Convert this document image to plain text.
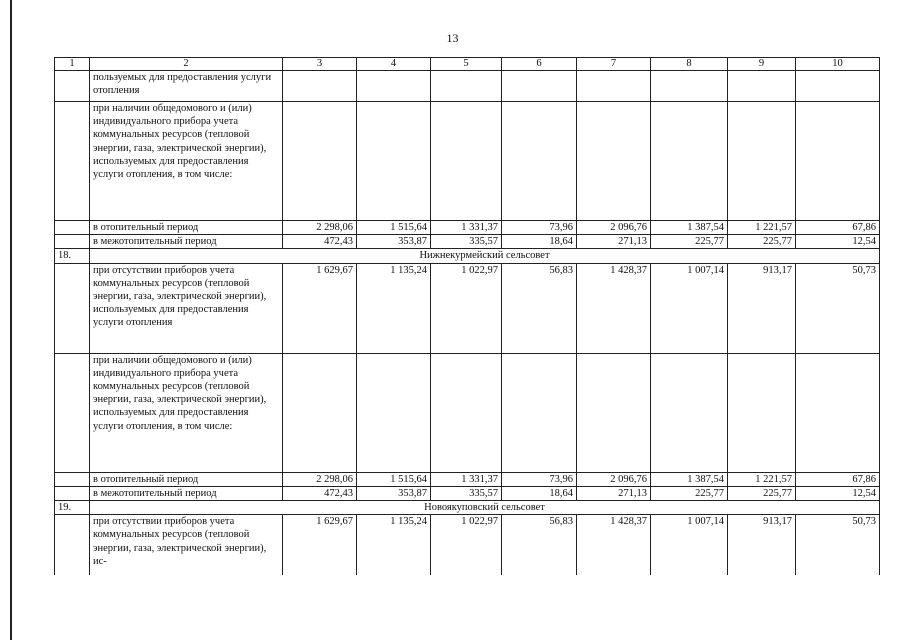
13
1	2	3	4	5	6	7	8	9	10
	пользуемых для предоставления услуги отопления								
	при наличии общедомового и (или) индивидуального прибора учета коммунальных ресурсов (тепловой энергии, газа, электрической энергии), используемых для предоставления услуги отопления, в том числе:								
	в отопительный период	2 298,06	1 515,64	1 331,37	73,96	2 096,76	1 387,54	1 221,57	67,86
	в межотопительный период	472,43	353,87	335,57	18,64	271,13	225,77	225,77	12,54
18.	Нижнекурмейский сельсовет								
	при отсутствии приборов учета коммунальных ресурсов (тепловой энергии, газа, электрической энергии), используемых для предоставления услуги отопления	1 629,67	1 135,24	1 022,97	56,83	1 428,37	1 007,14	913,17	50,73
	при наличии общедомового и (или) индивидуального прибора учета коммунальных ресурсов (тепловой энергии, газа, электрической энергии), используемых для предоставления услуги отопления, в том числе:								
	в отопительный период	2 298,06	1 515,64	1 331,37	73,96	2 096,76	1 387,54	1 221,57	67,86
	в межотопительный период	472,43	353,87	335,57	18,64	271,13	225,77	225,77	12,54
19.	Новоякуповский сельсовет								
	при отсутствии приборов учета коммунальных ресурсов (тепловой энергии, газа, электрической энергии), ис-	1 629,67	1 135,24	1 022,97	56,83	1 428,37	1 007,14	913,17	50,73
